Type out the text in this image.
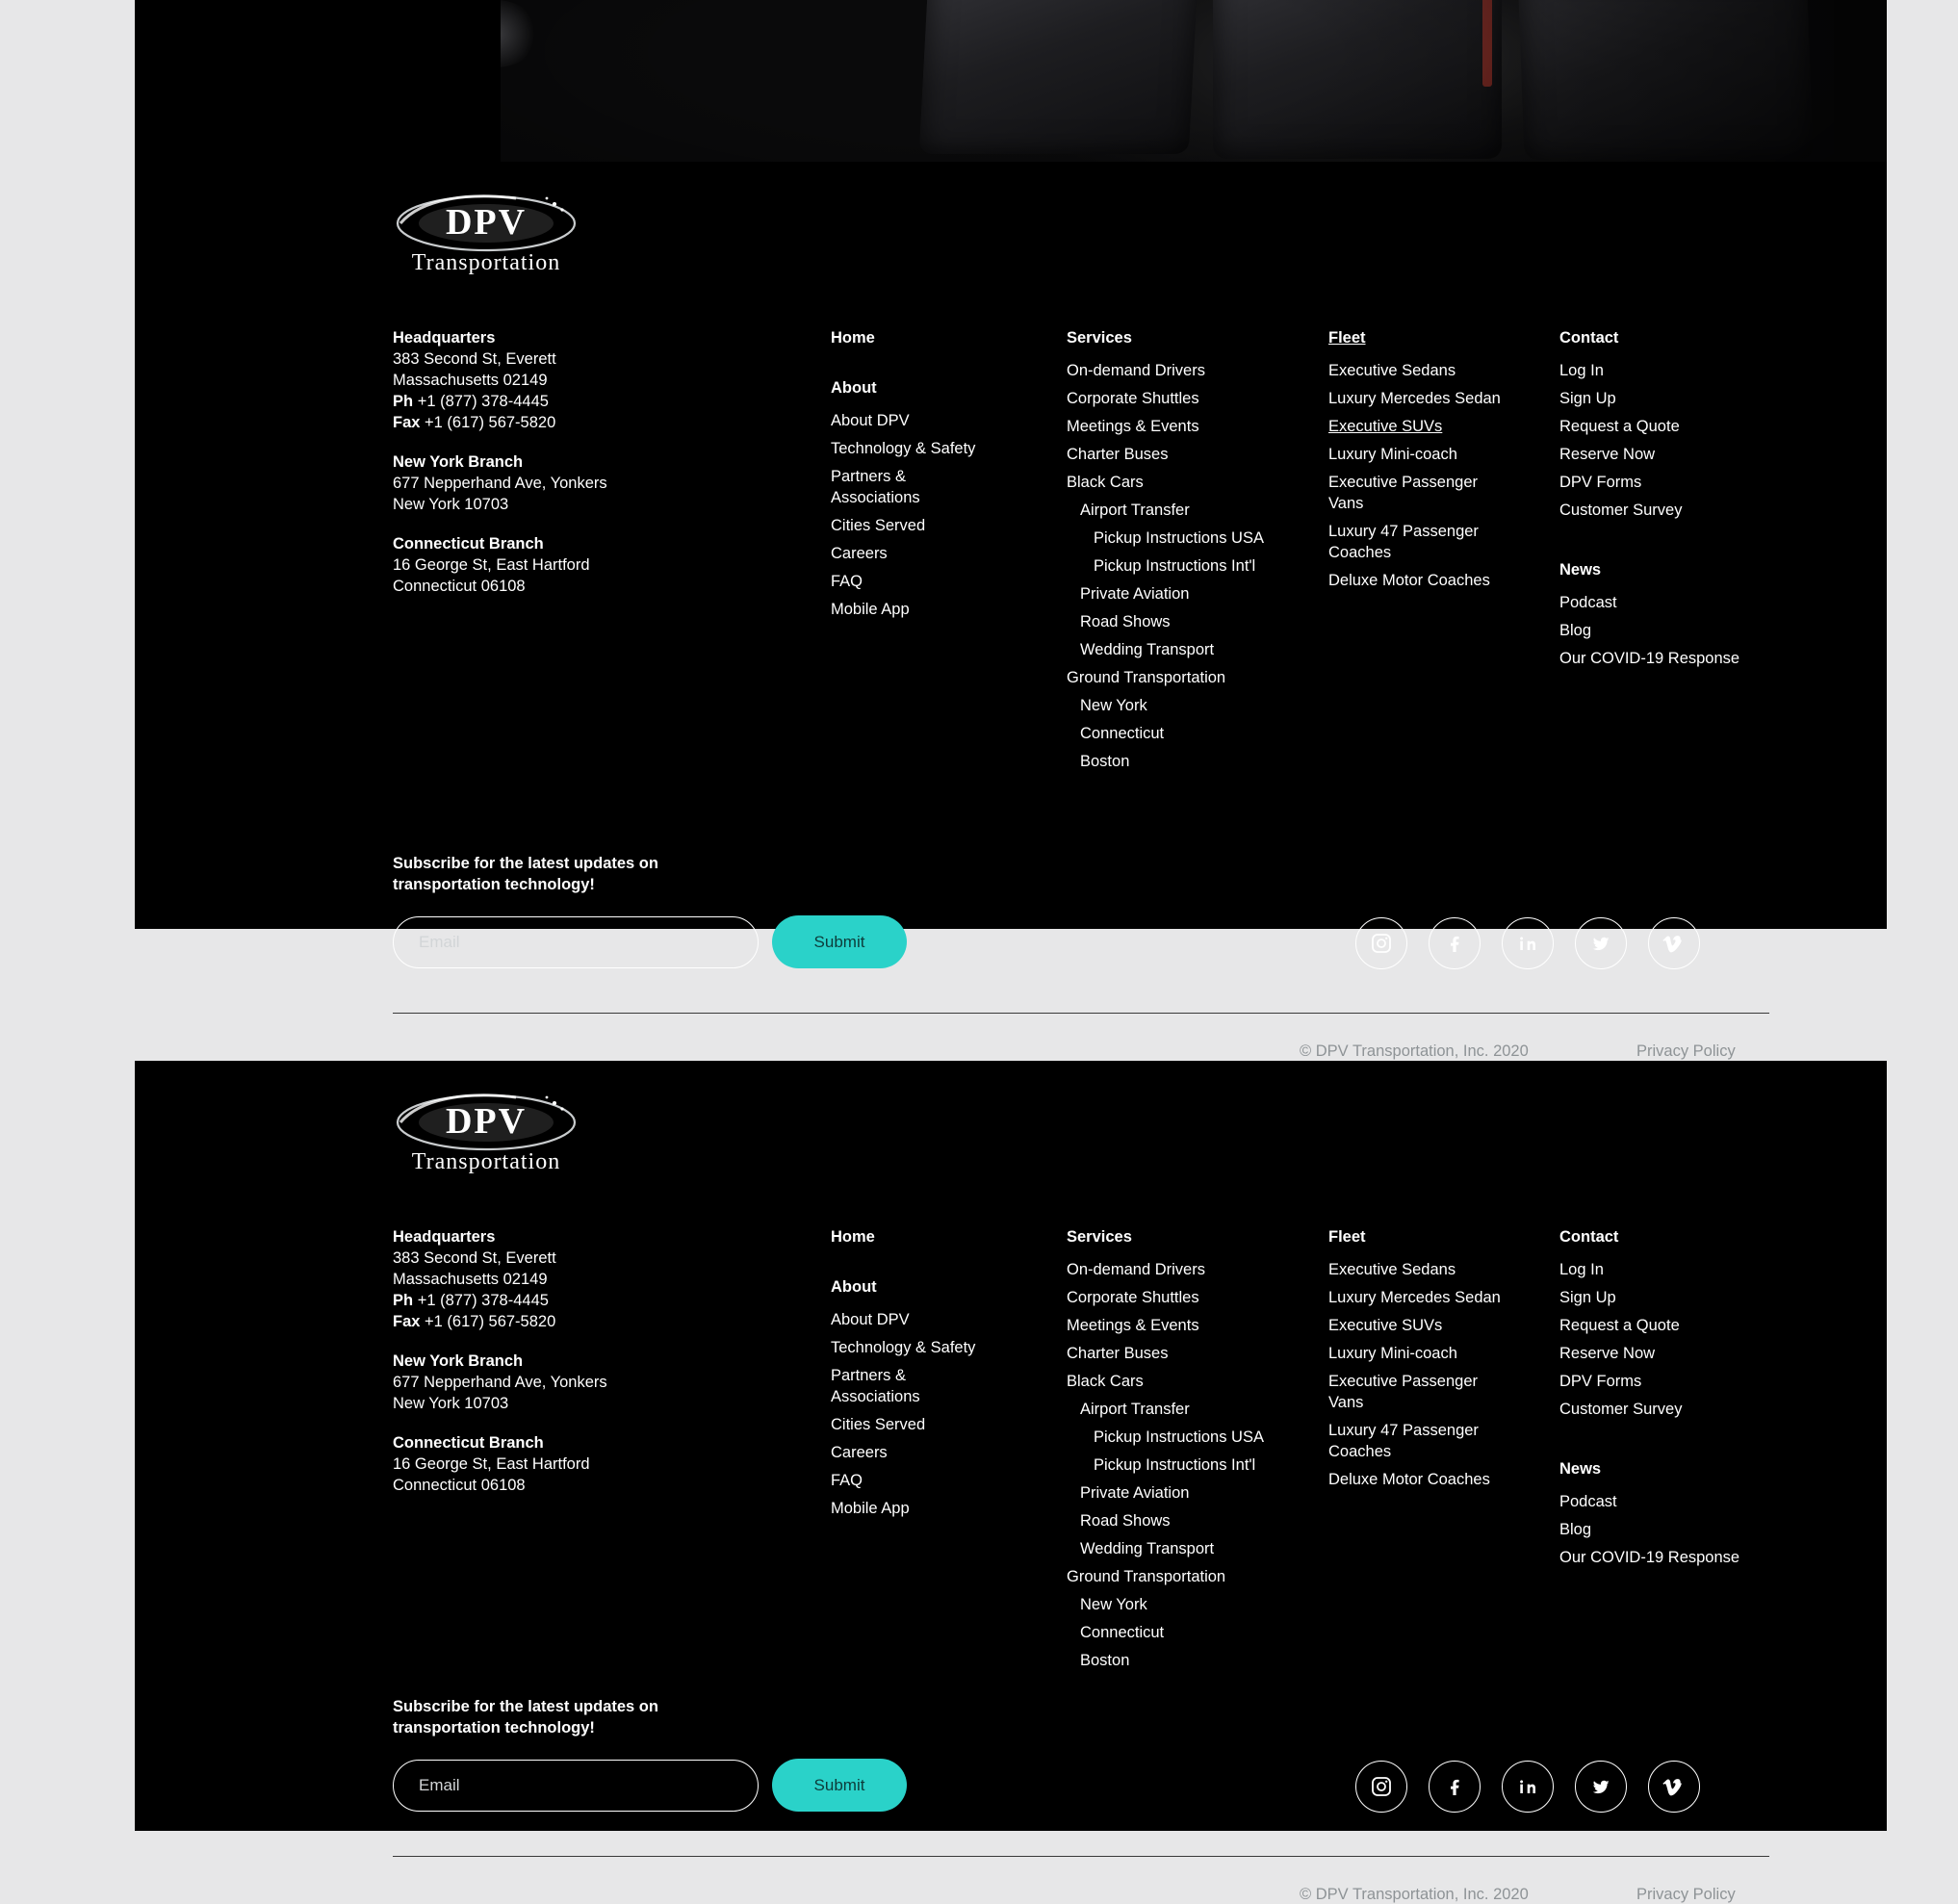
DPV
Transportation
Headquarters
383 Second St, Everett
Massachusetts 02149
Ph +1 (877) 378-4445
Fax +1 (617) 567-5820
New York Branch
677 Nepperhand Ave, Yonkers
New York 10703
Connecticut Branch
16 George St, East Hartford
Connecticut 06108
Home
About
About DPV
Technology & Safety
Partners & Associations
Cities Served
Careers
FAQ
Mobile App
Services
On-demand Drivers
Corporate Shuttles
Meetings & Events
Charter Buses
Black Cars
Airport Transfer
Pickup Instructions USA
Pickup Instructions Int'l
Private Aviation
Road Shows
Wedding Transport
Ground Transportation
New York
Connecticut
Boston
Fleet
Executive Sedans
Luxury Mercedes Sedan
Executive SUVs
Luxury Mini-coach
Executive Passenger Vans
Luxury 47 Passenger Coaches
Deluxe Motor Coaches
Contact
Log In
Sign Up
Request a Quote
Reserve Now
DPV Forms
Customer Survey
News
Podcast
Blog
Our COVID-19 Response
Subscribe for the latest updates on transportation technology!
Email
Submit
© DPV Transportation, Inc. 2020	Privacy Policy
DPV
Transportation
Headquarters
383 Second St, Everett
Massachusetts 02149
Ph +1 (877) 378-4445
Fax +1 (617) 567-5820
New York Branch
677 Nepperhand Ave, Yonkers
New York 10703
Connecticut Branch
16 George St, East Hartford
Connecticut 06108
Home
About
About DPV
Technology & Safety
Partners & Associations
Cities Served
Careers
FAQ
Mobile App
Services
On-demand Drivers
Corporate Shuttles
Meetings & Events
Charter Buses
Black Cars
Airport Transfer
Pickup Instructions USA
Pickup Instructions Int'l
Private Aviation
Road Shows
Wedding Transport
Ground Transportation
New York
Connecticut
Boston
Fleet
Executive Sedans
Luxury Mercedes Sedan
Executive SUVs
Luxury Mini-coach
Executive Passenger Vans
Luxury 47 Passenger Coaches
Deluxe Motor Coaches
Contact
Log In
Sign Up
Request a Quote
Reserve Now
DPV Forms
Customer Survey
News
Podcast
Blog
Our COVID-19 Response
Subscribe for the latest updates on transportation technology!
Email
Submit
© DPV Transportation, Inc. 2020	Privacy Policy
